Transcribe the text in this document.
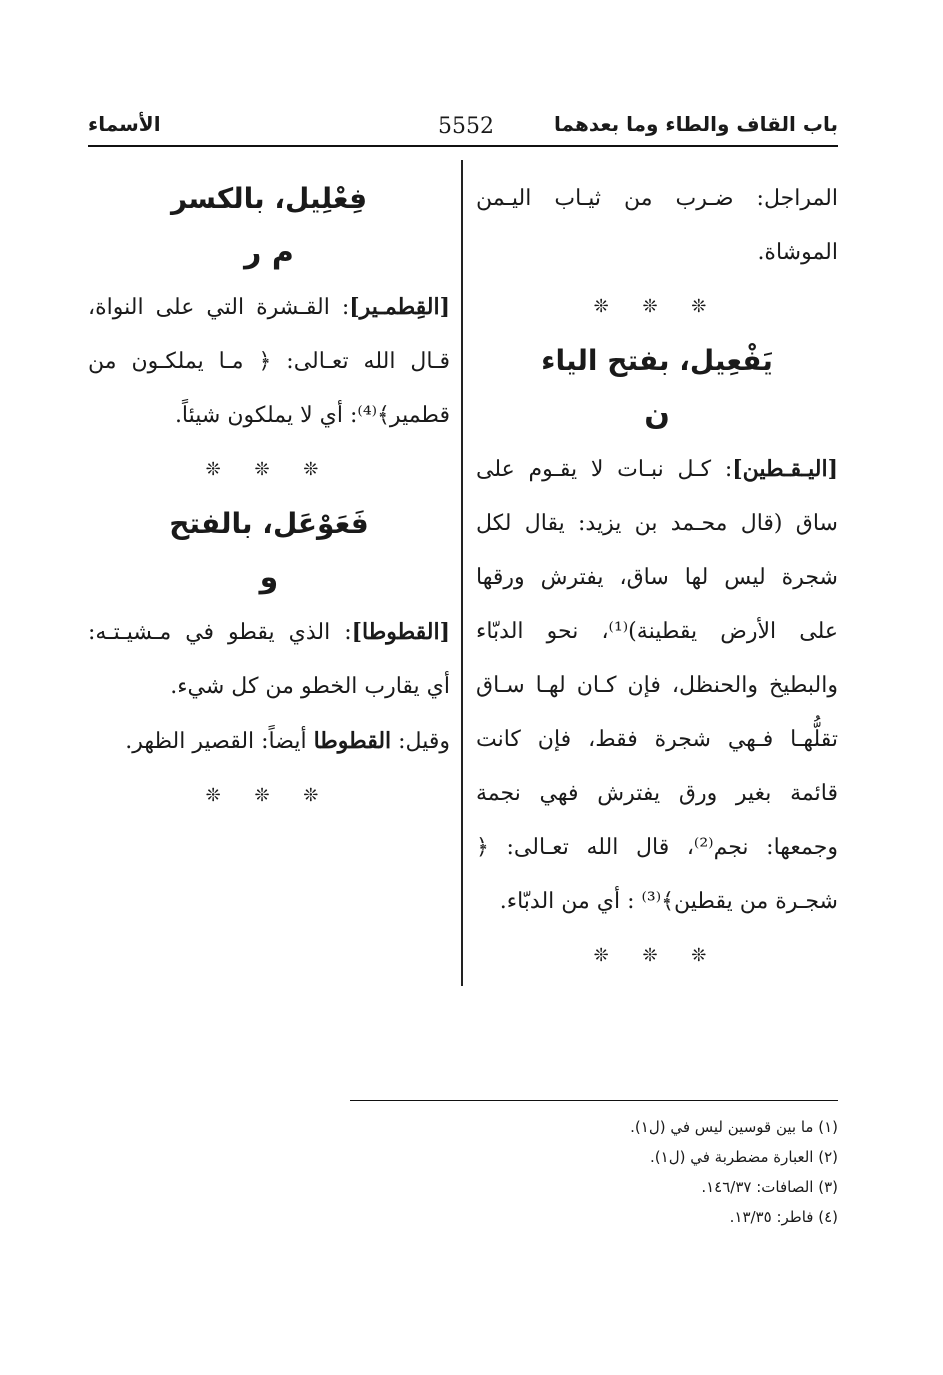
باب القاف والطاء وما بعدهما
5552
الأسماء

المراجل: ضـرب من ثيـاب اليـمن الموشاة.

❊ ❊ ❊

يَفْعِيل، بفتح الياء

ن

[اليـقـطين]: كـل نبـات لا يقـوم على ساق (قال محـمد بن يزيد: يقال لكل شجرة ليس لها ساق، يفترش ورقها على الأرض يقطينة)⁽¹⁾، نحو الدبّاء والبطيخ والحنظل، فإن كـان لهـا سـاق تقلُّهـا فـهي شجرة فقط، فإن كانت قائمة بغير ورق يفترش فهي نجمة وجمعها: نجم⁽²⁾، قال الله تعـالى: ﴿ شجـرة من يقطين﴾⁽³⁾ : أي من الدبّاء.

❊ ❊ ❊

فِعْلِيل، بالكسر

م ر

[القِطمـير]: القـشرة التي على النواة، قـال الله تعـالى: ﴿ مـا يملكـون من قطمير﴾⁽⁴⁾: أي لا يملكون شيئاً.

❊ ❊ ❊

فَعَوْعَل، بالفتح

و

[القطوطا]: الذي يقطو في مـشيـتـه: أي يقارب الخطو من كل شيء.

وقيل: القطوطا أيضاً: القصير الظهر.

❊ ❊ ❊

(١) ما بين قوسين ليس في (ل١).
(٢) العبارة مضطربة في (ل١).
(٣) الصافات: ١٤٦/٣٧.
(٤) فاطر: ١٣/٣٥.
